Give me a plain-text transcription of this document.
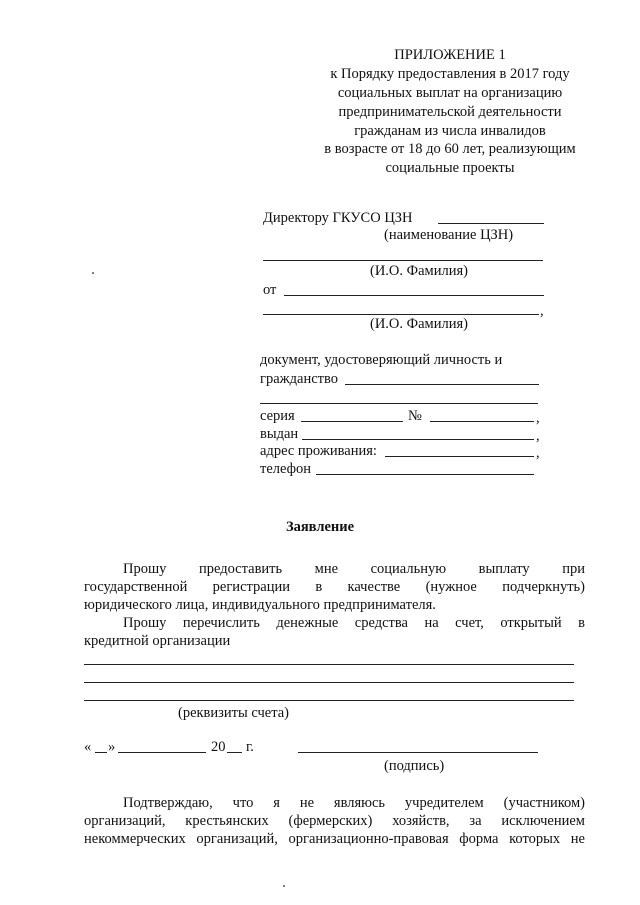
ПРИЛОЖЕНИЕ 1
к Порядку предоставления в 2017 году
социальных выплат на организацию
предпринимательской деятельности
гражданам из числа инвалидов
в возрасте от 18 до 60 лет, реализующим
социальные проекты
Директору ГКУСО ЦЗН
(наименование ЦЗН)
(И.О. Фамилия)
от
,
(И.О. Фамилия)
документ, удостоверяющий личность и
гражданство
серия	№	,
выдан	,
адрес проживания:	,
телефон
Заявление
Прошу предоставить мне социальную выплату при
государственной регистрации в качестве (нужное подчеркнуть)
юридического лица, индивидуального предпринимателя.
Прошу перечислить денежные средства на счет, открытый в
кредитной организации
(реквизиты счета)
« »	20 г.
(подпись)
Подтверждаю, что я не являюсь учредителем (участником)
организаций, крестьянских (фермерских) хозяйств, за исключением
некоммерческих организаций, организационно-правовая форма которых не
